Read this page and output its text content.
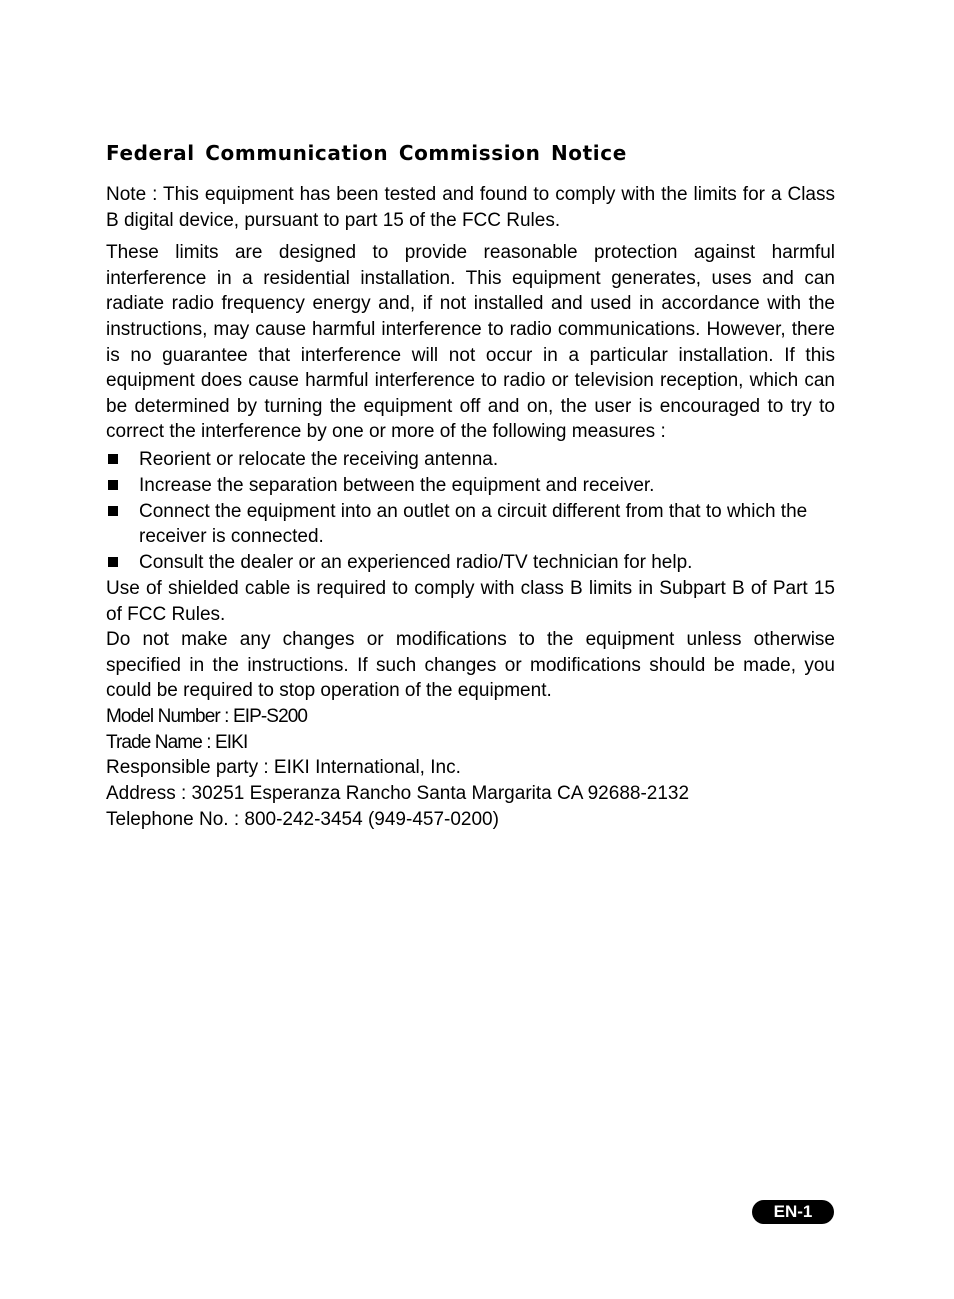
Federal Communication Commission Notice

Note : This equipment has been tested and found to comply with the limits for a Class B digital device, pursuant to part 15 of the FCC Rules.

These limits are designed to provide reasonable protection against harmful interference in a residential installation. This equipment generates, uses and can radiate radio frequency energy and, if not installed and used in accordance with the instructions, may cause harmful interference to radio communications. However, there is no guarantee that interference will not occur in a particular installation. If this equipment does cause harmful interference to radio or television reception, which can be determined by turning the equipment off and on, the user is encouraged to try to correct the interference by one or more of the following measures :

Reorient or relocate the receiving antenna.
Increase the separation between the equipment and receiver.
Connect the equipment into an outlet on a circuit different from that to which the receiver is connected.
Consult the dealer or an experienced radio/TV technician for help.

Use of shielded cable is required to comply with class B limits in Subpart B of Part 15 of FCC Rules.

Do not make any changes or modifications to the equipment unless otherwise specified in the instructions. If such changes or modifications should be made, you could be required to stop operation of the equipment.

Model Number : EIP-S200

Trade Name : EIKI

Responsible party : EIKI International, Inc.

Address : 30251 Esperanza Rancho Santa Margarita CA 92688-2132

Telephone No. : 800-242-3454 (949-457-0200)

EN-1
